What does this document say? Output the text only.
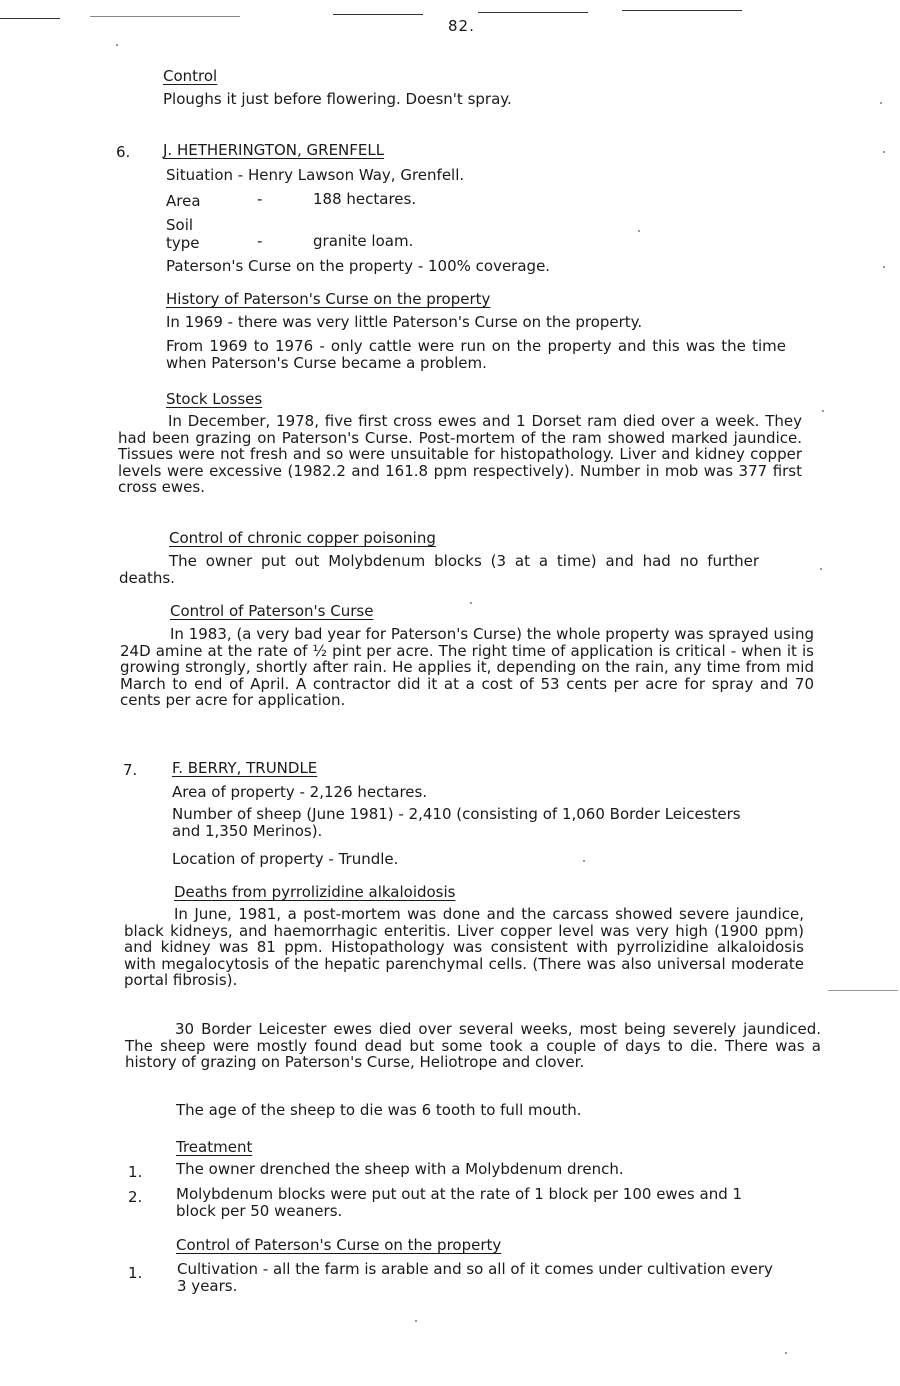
82.
Control
Ploughs it just before flowering. Doesn't spray.
6. J. HETHERINGTON, GRENFELL
Situation - Henry Lawson Way, Grenfell.
Area	-	188 hectares.
Soil
type	-	granite loam.
Paterson's Curse on the property - 100% coverage.
History of Paterson's Curse on the property
In 1969 - there was very little Paterson's Curse on the property.
From 1969 to 1976 - only cattle were run on the property and this was the time when Paterson's Curse became a problem.
Stock Losses
In December, 1978, five first cross ewes and 1 Dorset ram died over a week. They had been grazing on Paterson's Curse. Post-mortem of the ram showed marked jaundice. Tissues were not fresh and so were unsuitable for histopathology. Liver and kidney copper levels were excessive (1982.2 and 161.8 ppm respectively). Number in mob was 377 first cross ewes.
Control of chronic copper poisoning
The owner put out Molybdenum blocks (3 at a time) and had no further deaths.
Control of Paterson's Curse
In 1983, (a very bad year for Paterson's Curse) the whole property was sprayed using 24D amine at the rate of ½ pint per acre. The right time of application is critical - when it is growing strongly, shortly after rain. He applies it, depending on the rain, any time from mid March to end of April. A contractor did it at a cost of 53 cents per acre for spray and 70 cents per acre for application.
7. F. BERRY, TRUNDLE
Area of property - 2,126 hectares.
Number of sheep (June 1981) - 2,410 (consisting of 1,060 Border Leicesters and 1,350 Merinos).
Location of property - Trundle.
Deaths from pyrrolizidine alkaloidosis
In June, 1981, a post-mortem was done and the carcass showed severe jaundice, black kidneys, and haemorrhagic enteritis. Liver copper level was very high (1900 ppm) and kidney was 81 ppm. Histopathology was consistent with pyrrolizidine alkaloidosis with megalocytosis of the hepatic parenchymal cells. (There was also universal moderate portal fibrosis).
30 Border Leicester ewes died over several weeks, most being severely jaundiced. The sheep were mostly found dead but some took a couple of days to die. There was a history of grazing on Paterson's Curse, Heliotrope and clover.
The age of the sheep to die was 6 tooth to full mouth.
Treatment
1. The owner drenched the sheep with a Molybdenum drench.
2. Molybdenum blocks were put out at the rate of 1 block per 100 ewes and 1 block per 50 weaners.
Control of Paterson's Curse on the property
1. Cultivation - all the farm is arable and so all of it comes under cultivation every 3 years.
